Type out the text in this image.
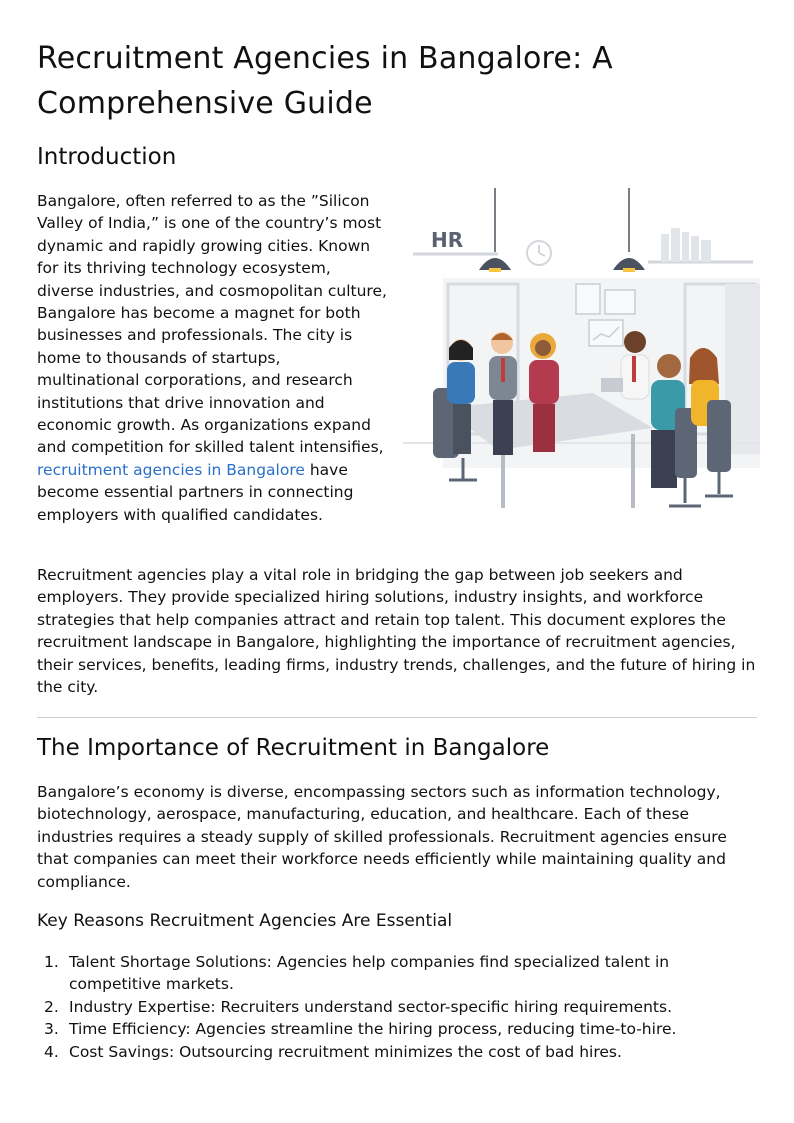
Recruitment Agencies in Bangalore: A Comprehensive Guide
Introduction

Bangalore, often referred to as the ”Silicon Valley of India,” is one of the country’s most dynamic and rapidly growing cities. Known for its thriving technology ecosystem, diverse industries, and cosmopolitan culture, Bangalore has become a magnet for both businesses and professionals. The city is home to thousands of startups, multinational corporations, and research institutions that drive innovation and economic growth. As organizations expand and competition for skilled talent intensifies, recruitment agencies in Bangalore have become essential partners in connecting employers with qualified candidates.

Recruitment agencies play a vital role in bridging the gap between job seekers and employers. They provide specialized hiring solutions, industry insights, and workforce strategies that help companies attract and retain top talent. This document explores the recruitment landscape in Bangalore, highlighting the importance of recruitment agencies, their services, benefits, leading firms, industry trends, challenges, and the future of hiring in the city.

The Importance of Recruitment in Bangalore

Bangalore’s economy is diverse, encompassing sectors such as information technology, biotechnology, aerospace, manufacturing, education, and healthcare. Each of these industries requires a steady supply of skilled professionals. Recruitment agencies ensure that companies can meet their workforce needs efficiently while maintaining quality and compliance.

Key Reasons Recruitment Agencies Are Essential
1. Talent Shortage Solutions: Agencies help companies find specialized talent in competitive markets.
2. Industry Expertise: Recruiters understand sector-specific hiring requirements.
3. Time Efficiency: Agencies streamline the hiring process, reducing time-to-hire.
4. Cost Savings: Outsourcing recruitment minimizes the cost of bad hires.
HR
